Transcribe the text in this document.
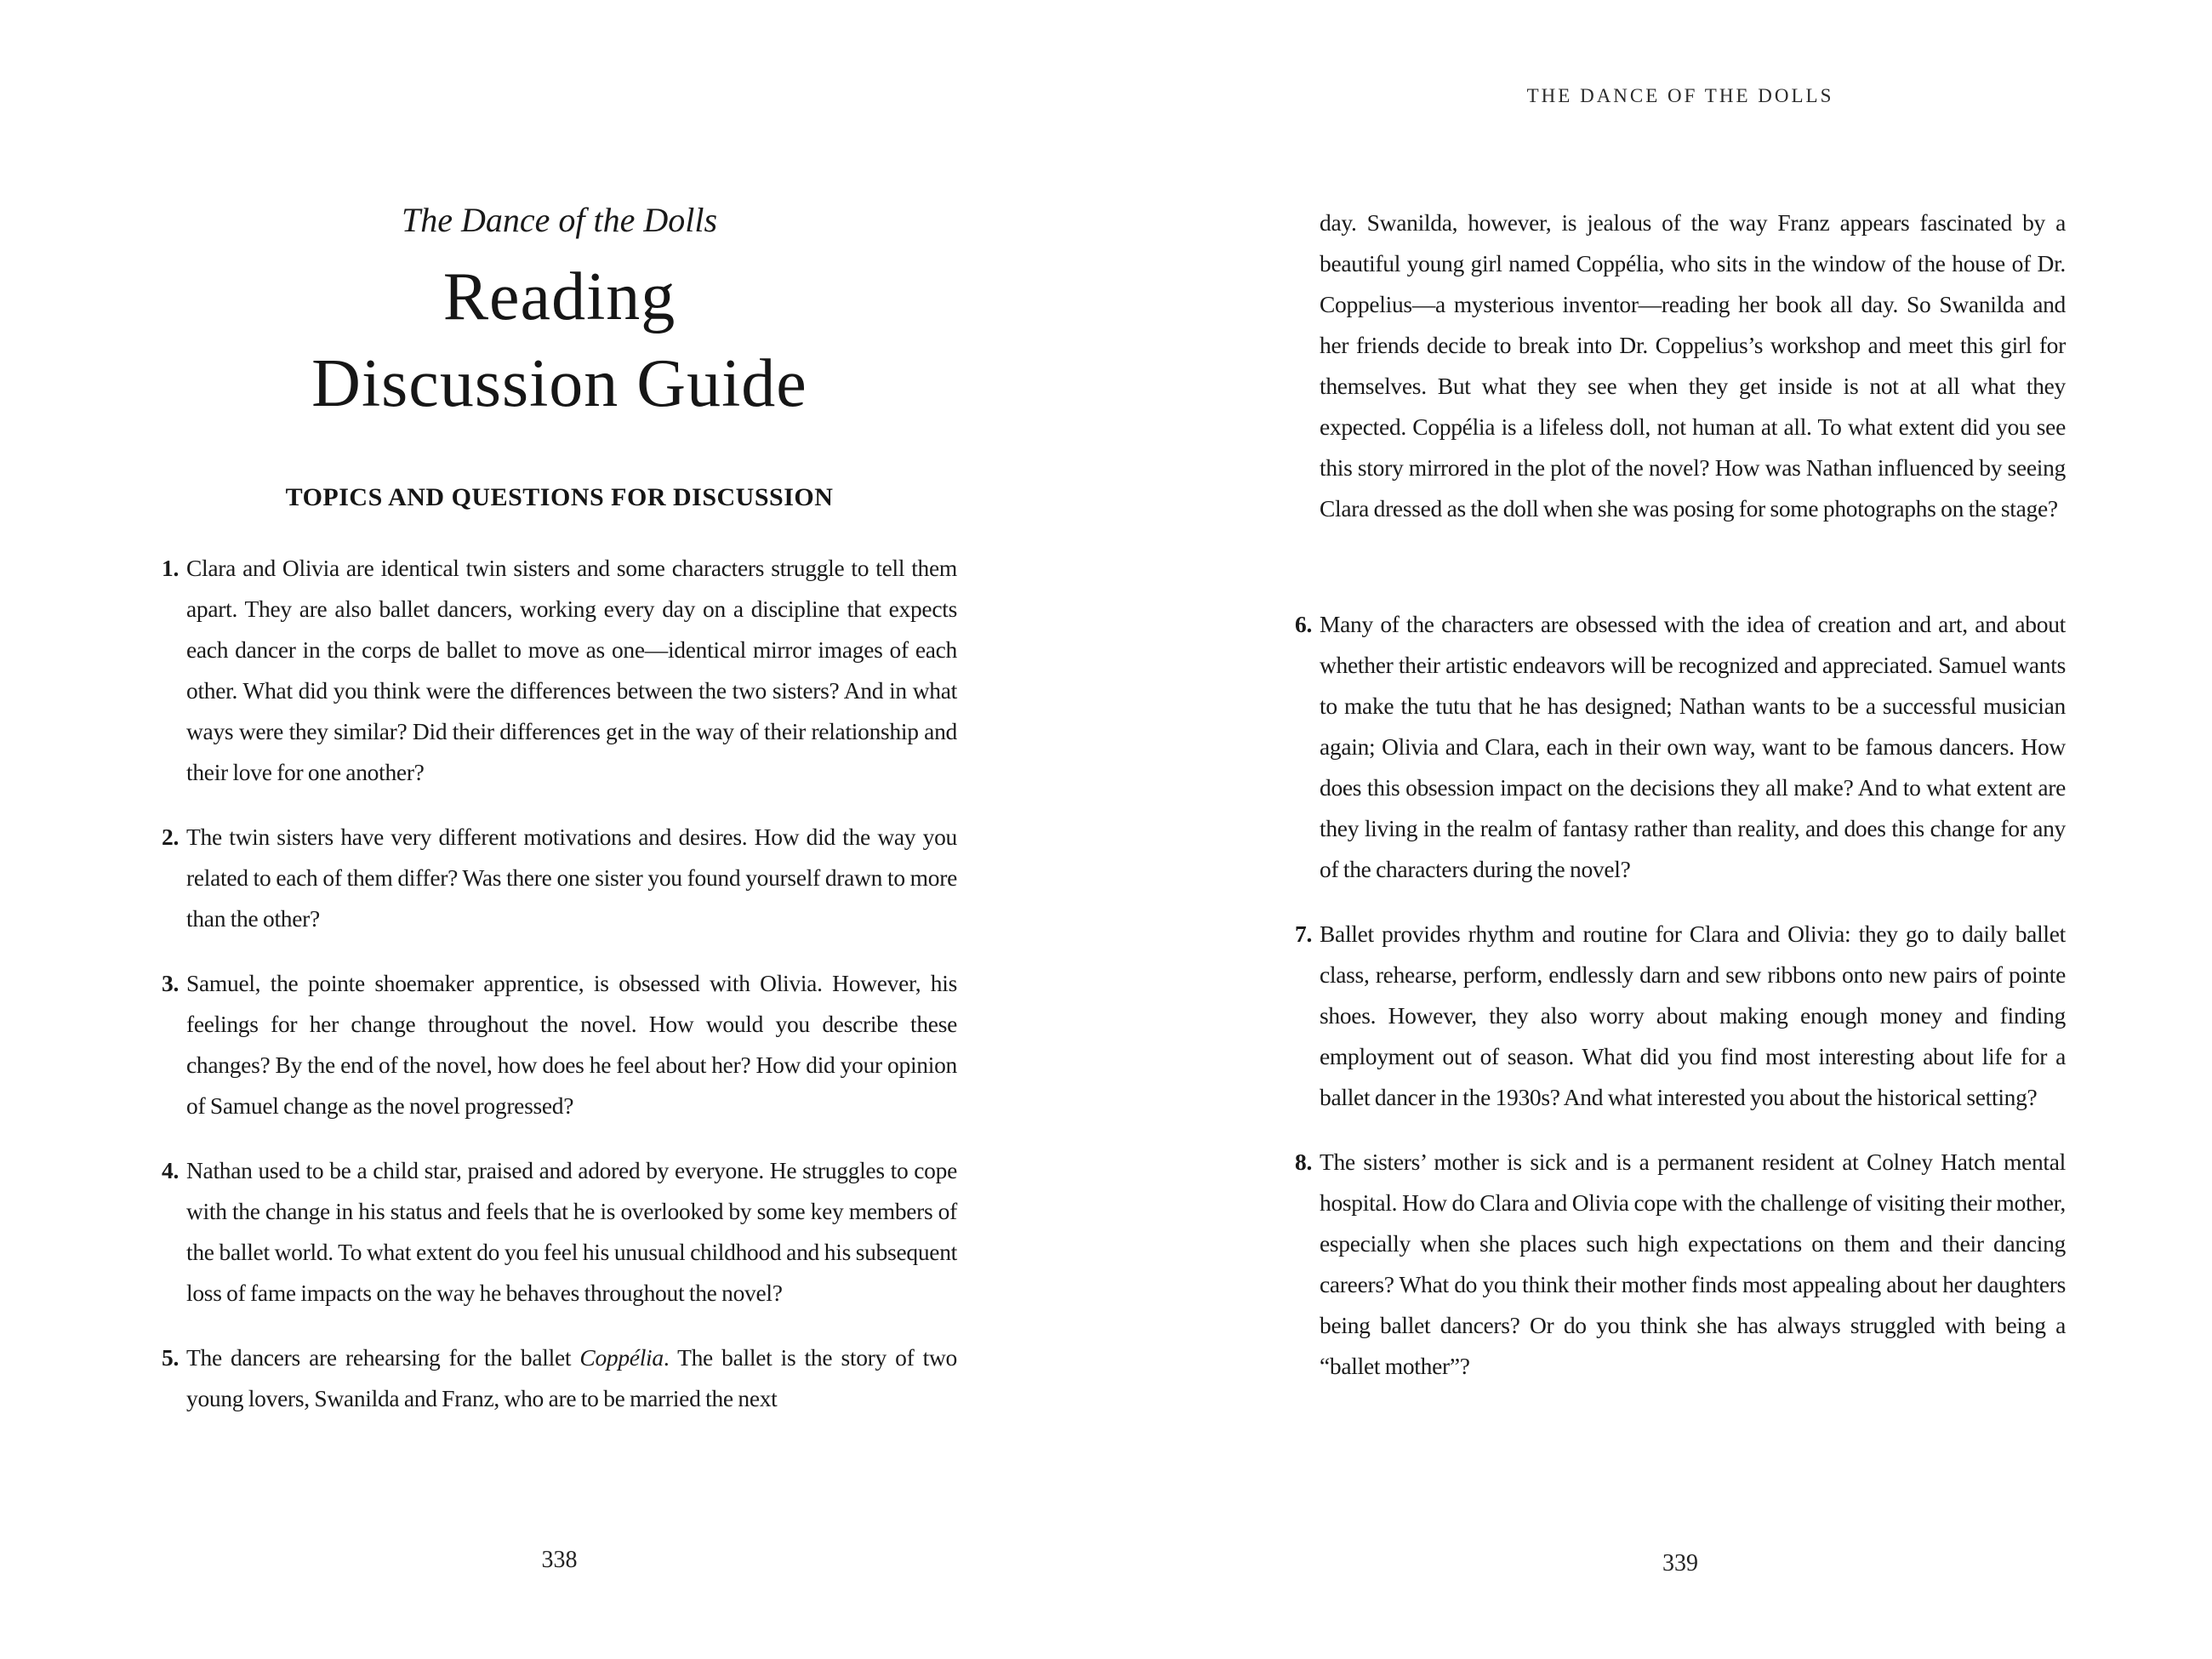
The Dance of the Dolls
Reading
Discussion Guide
TOPICS AND QUESTIONS FOR DISCUSSION
1. Clara and Olivia are identical twin sisters and some characters struggle to tell them apart. They are also ballet dancers, working every day on a discipline that expects each dancer in the corps de ballet to move as one—identical mirror images of each other. What did you think were the differences between the two sisters? And in what ways were they similar? Did their differences get in the way of their relationship and their love for one another?
2. The twin sisters have very different motivations and desires. How did the way you related to each of them differ? Was there one sister you found yourself drawn to more than the other?
3. Samuel, the pointe shoemaker apprentice, is obsessed with Olivia. However, his feelings for her change throughout the novel. How would you describe these changes? By the end of the novel, how does he feel about her? How did your opinion of Samuel change as the novel progressed?
4. Nathan used to be a child star, praised and adored by everyone. He struggles to cope with the change in his status and feels that he is overlooked by some key members of the ballet world. To what extent do you feel his unusual childhood and his subsequent loss of fame impacts on the way he behaves throughout the novel?
5. The dancers are rehearsing for the ballet Coppélia. The ballet is the story of two young lovers, Swanilda and Franz, who are to be married the next
338
THE DANCE OF THE DOLLS

day. Swanilda, however, is jealous of the way Franz appears fascinated by a beautiful young girl named Coppélia, who sits in the window of the house of Dr. Coppelius—a mysterious inventor—reading her book all day. So Swanilda and her friends decide to break into Dr. Coppelius’s workshop and meet this girl for themselves. But what they see when they get inside is not at all what they expected. Coppélia is a lifeless doll, not human at all. To what extent did you see this story mirrored in the plot of the novel? How was Nathan influenced by seeing Clara dressed as the doll when she was posing for some photographs on the stage?

6. Many of the characters are obsessed with the idea of creation and art, and about whether their artistic endeavors will be recognized and appreciated. Samuel wants to make the tutu that he has designed; Nathan wants to be a successful musician again; Olivia and Clara, each in their own way, want to be famous dancers. How does this obsession impact on the decisions they all make? And to what extent are they living in the realm of fantasy rather than reality, and does this change for any of the characters during the novel?
7. Ballet provides rhythm and routine for Clara and Olivia: they go to daily ballet class, rehearse, perform, endlessly darn and sew ribbons onto new pairs of pointe shoes. However, they also worry about making enough money and finding employment out of season. What did you find most interesting about life for a ballet dancer in the 1930s? And what interested you about the historical setting?
8. The sisters’ mother is sick and is a permanent resident at Colney Hatch mental hospital. How do Clara and Olivia cope with the challenge of visiting their mother, especially when she places such high expectations on them and their dancing careers? What do you think their mother finds most appealing about her daughters being ballet dancers? Or do you think she has always struggled with being a “ballet mother”?
339
